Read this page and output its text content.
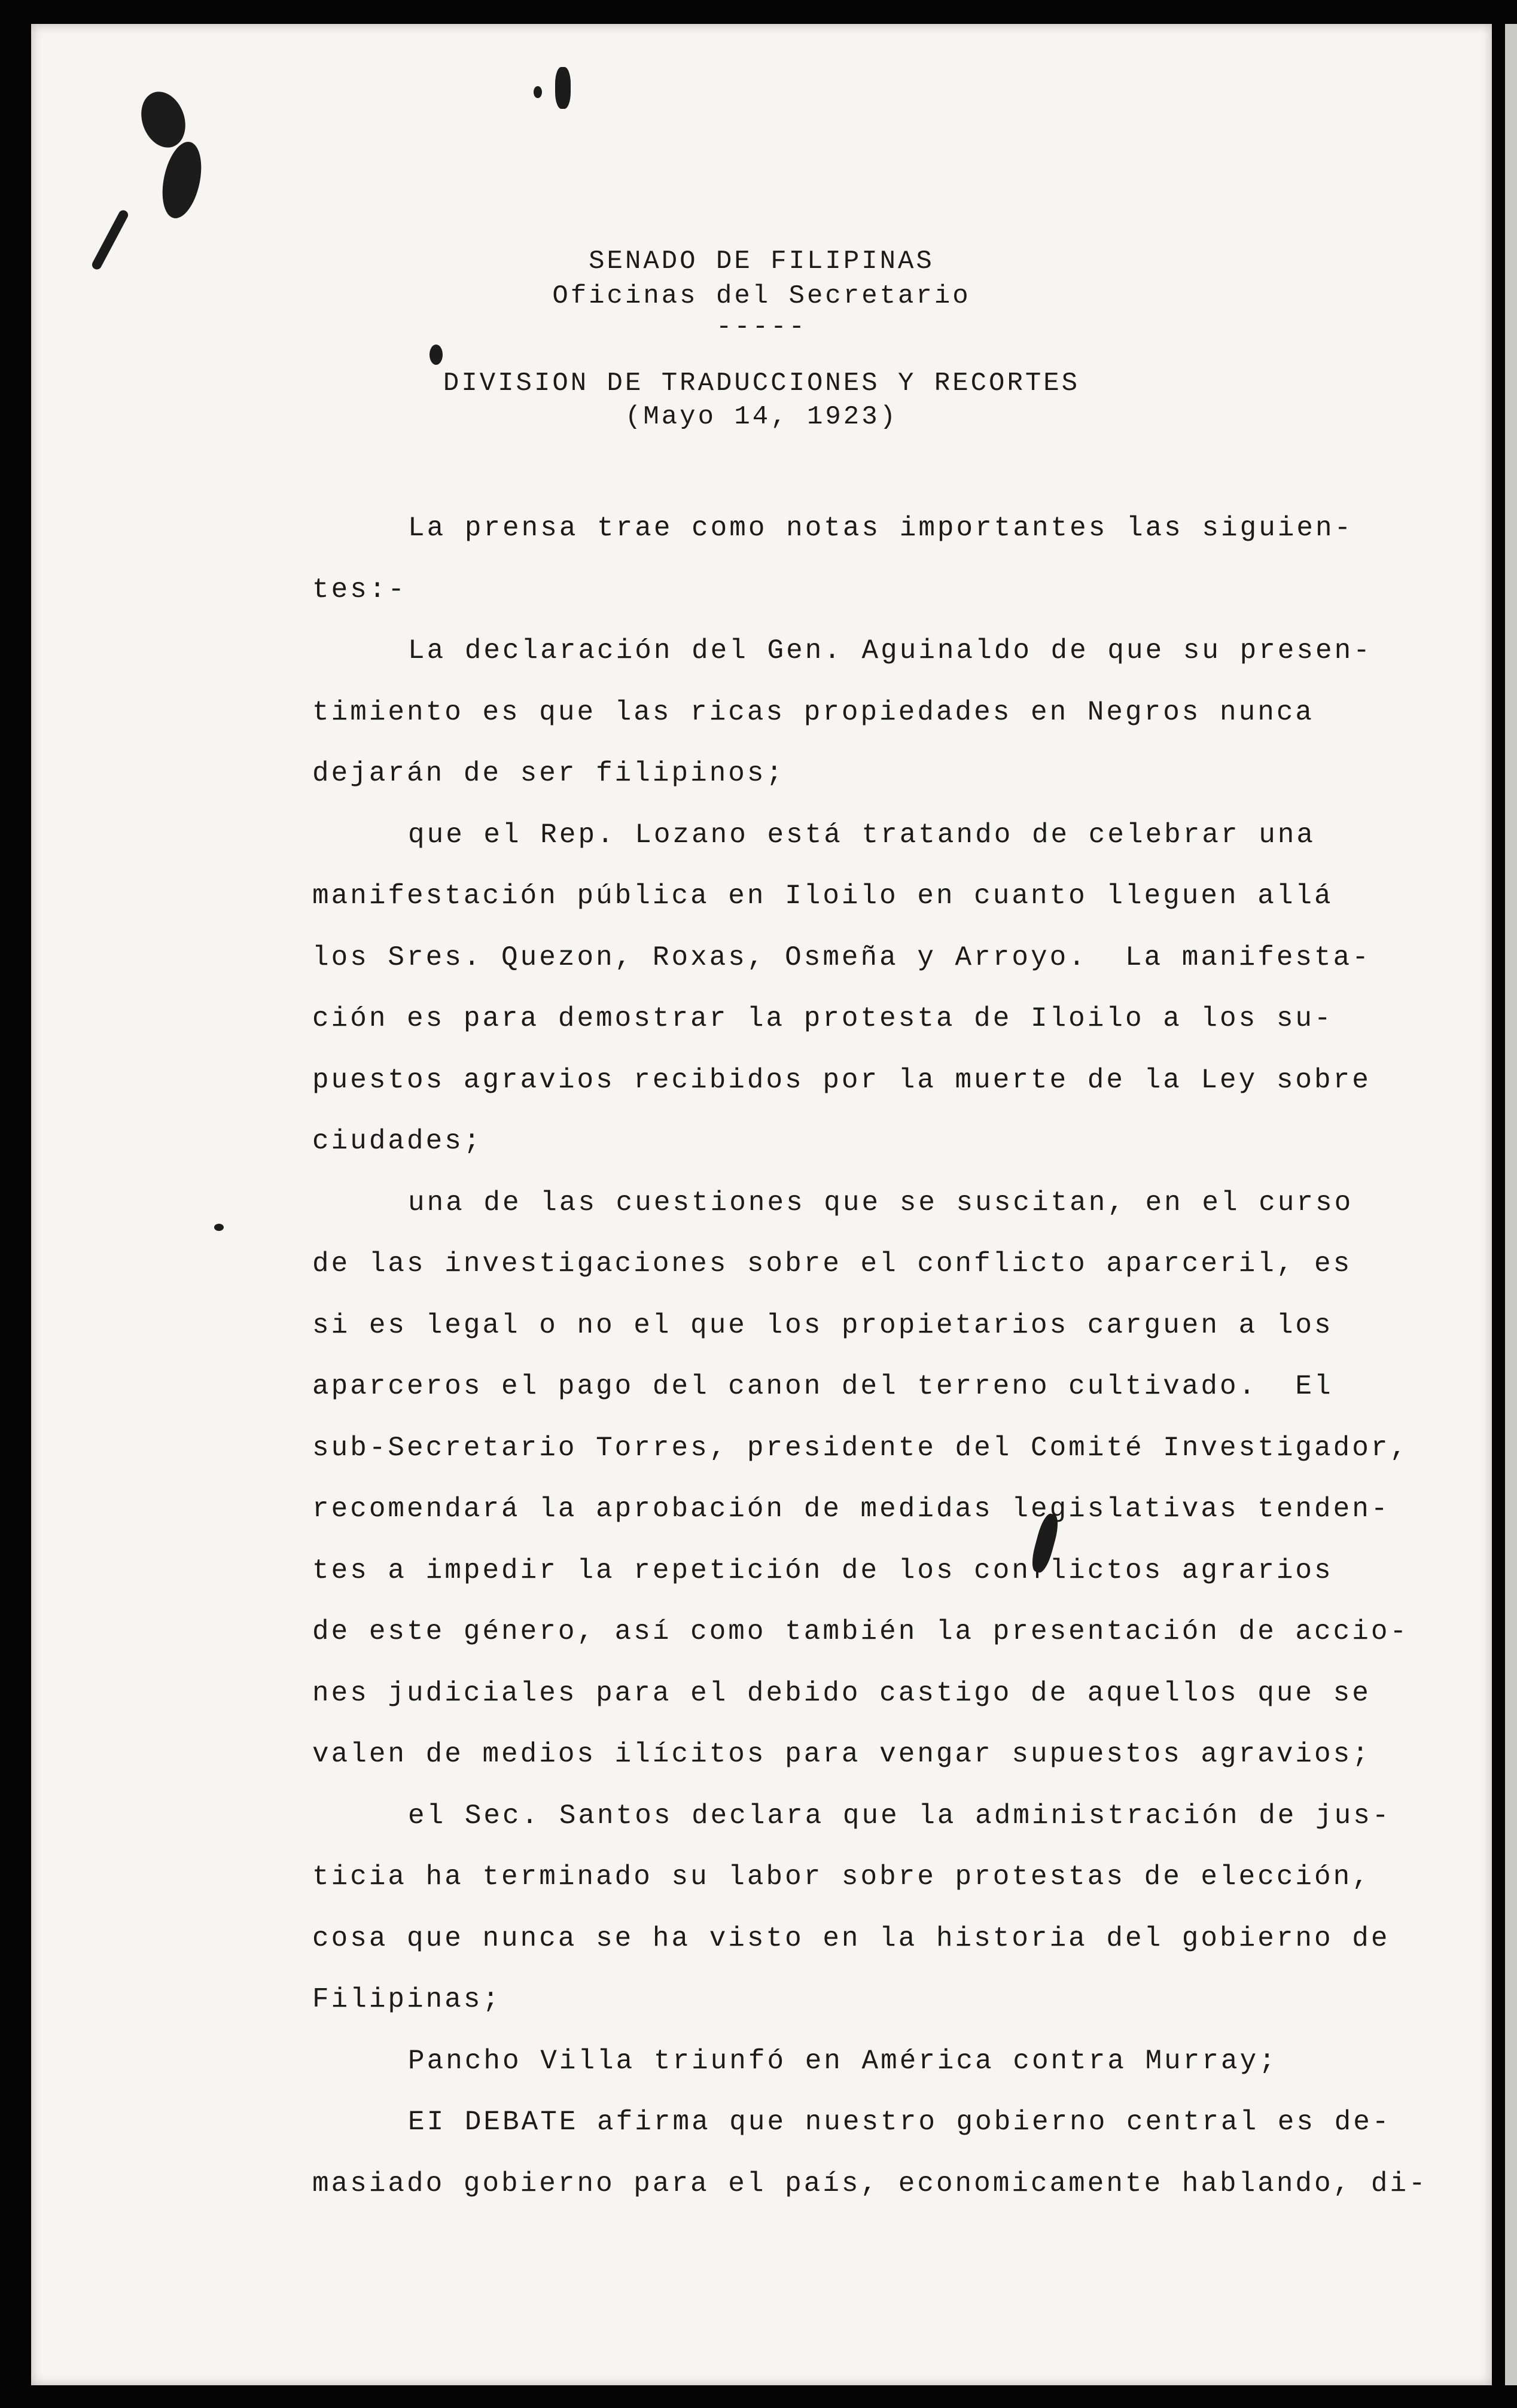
SENADO DE FILIPINAS
Oficinas del Secretario
-----
DIVISION DE TRADUCCIONES Y RECORTES
(Mayo 14, 1923)
La prensa trae como notas importantes las siguien-
tes:-
La declaración del Gen. Aguinaldo de que su presen-
timiento es que las ricas propiedades en Negros nunca
dejarán de ser filipinos;
que el Rep. Lozano está tratando de celebrar una
manifestación pública en Iloilo en cuanto lleguen allá
los Sres. Quezon, Roxas, Osmeña y Arroyo.  La manifesta-
ción es para demostrar la protesta de Iloilo a los su-
puestos agravios recibidos por la muerte de la Ley sobre
ciudades;
una de las cuestiones que se suscitan, en el curso
de las investigaciones sobre el conflicto aparceril, es
si es legal o no el que los propietarios carguen a los
aparceros el pago del canon del terreno cultivado.  El
sub-Secretario Torres, presidente del Comité Investigador,
recomendará la aprobación de medidas legislativas tenden-
tes a impedir la repetición de los conflictos agrarios
de este género, así como también la presentación de accio-
nes judiciales para el debido castigo de aquellos que se
valen de medios ilícitos para vengar supuestos agravios;
el Sec. Santos declara que la administración de jus-
ticia ha terminado su labor sobre protestas de elección,
cosa que nunca se ha visto en la historia del gobierno de
Filipinas;
Pancho Villa triunfó en América contra Murray;
EI DEBATE afirma que nuestro gobierno central es de-
masiado gobierno para el país, economicamente hablando, di-
